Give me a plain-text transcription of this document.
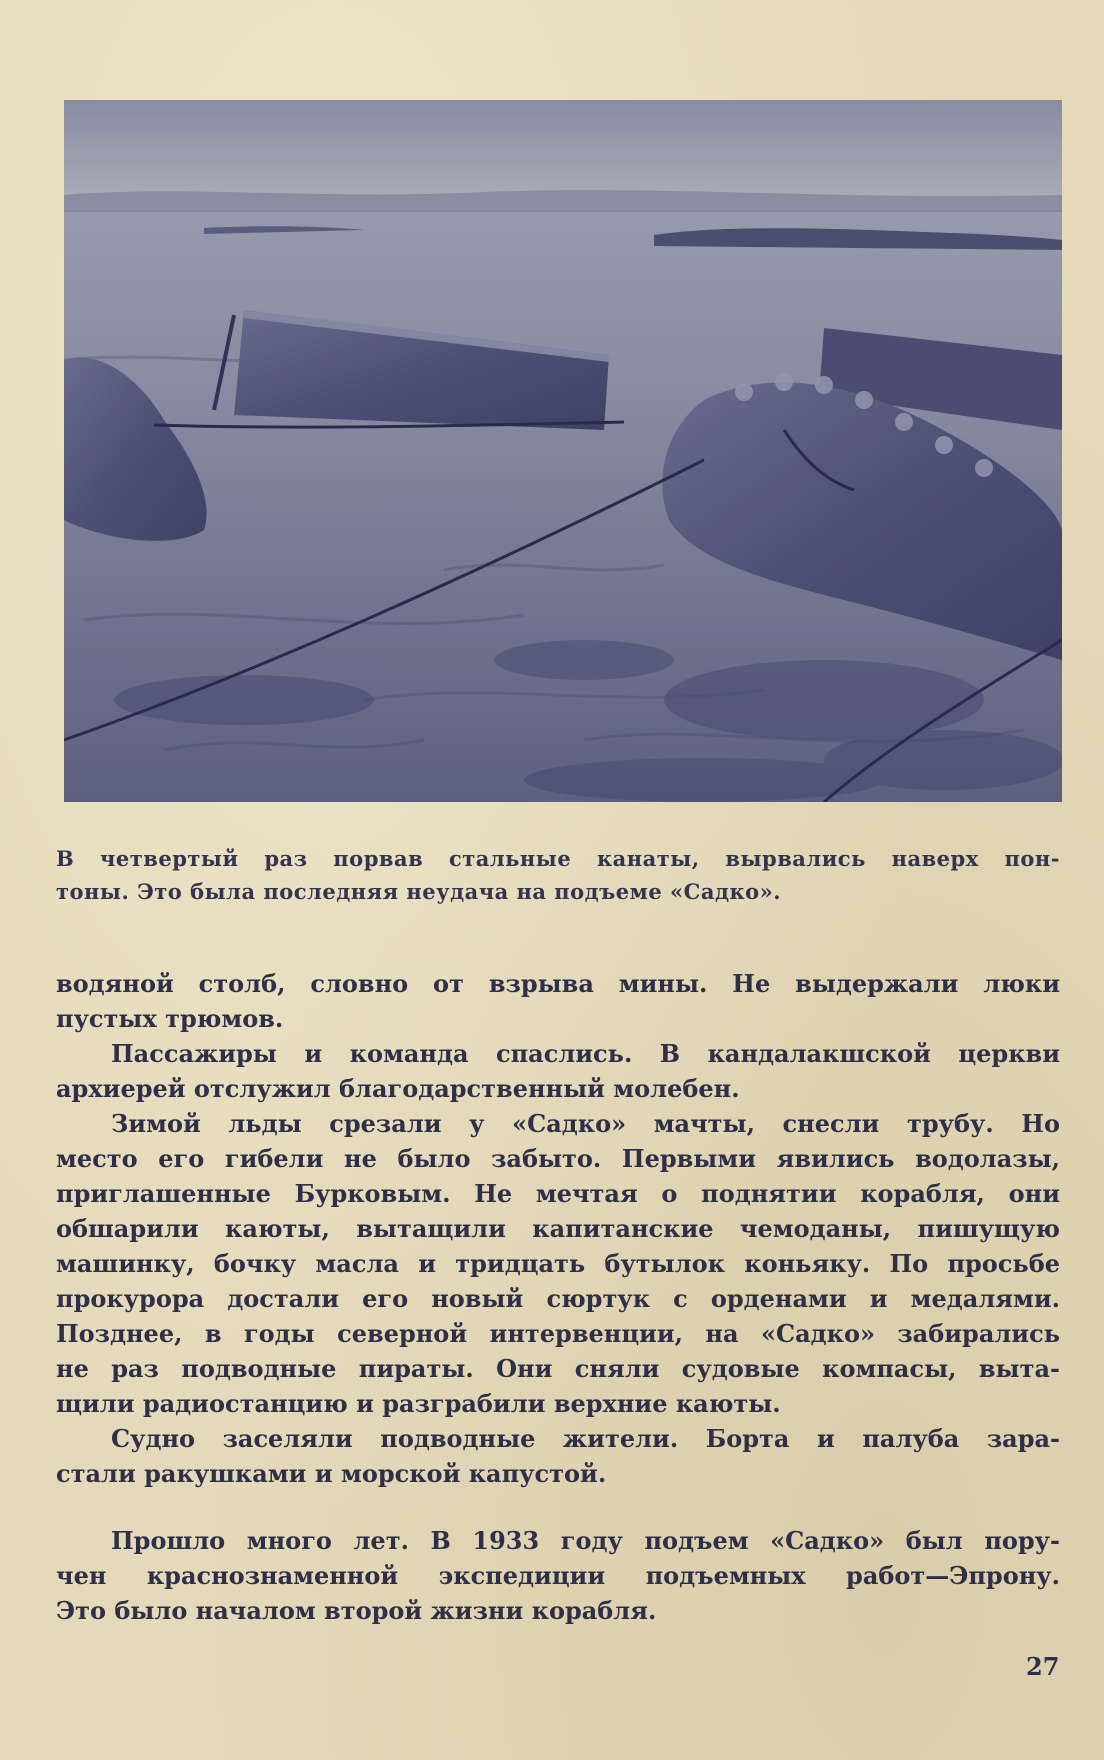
В четвертый раз порвав стальные канаты, вырвались наверх пон-
тоны. Это была последняя неудача на подъеме «Садко».
водяной столб, словно от взрыва мины. Не выдержали люки
пустых трюмов.
Пассажиры и команда спаслись. В кандалакшской церкви
архиерей отслужил благодарственный молебен.
Зимой льды срезали у «Садко» мачты, снесли трубу. Но
место его гибели не было забыто. Первыми явились водолазы,
приглашенные Бурковым. Не мечтая о поднятии корабля, они
обшарили каюты, вытащили капитанские чемоданы, пишущую
машинку, бочку масла и тридцать бутылок коньяку. По просьбе
прокурора достали его новый сюртук с орденами и медалями.
Позднее, в годы северной интервенции, на «Садко» забирались
не раз подводные пираты. Они сняли судовые компасы, выта-
щили радиостанцию и разграбили верхние каюты.
Судно заселяли подводные жители. Борта и палуба зара-
стали ракушками и морской капустой.
Прошло много лет. В 1933 году подъем «Садко» был пору-
чен краснознаменной экспедиции подъемных работ—Эпрону.
Это было началом второй жизни корабля.
27
